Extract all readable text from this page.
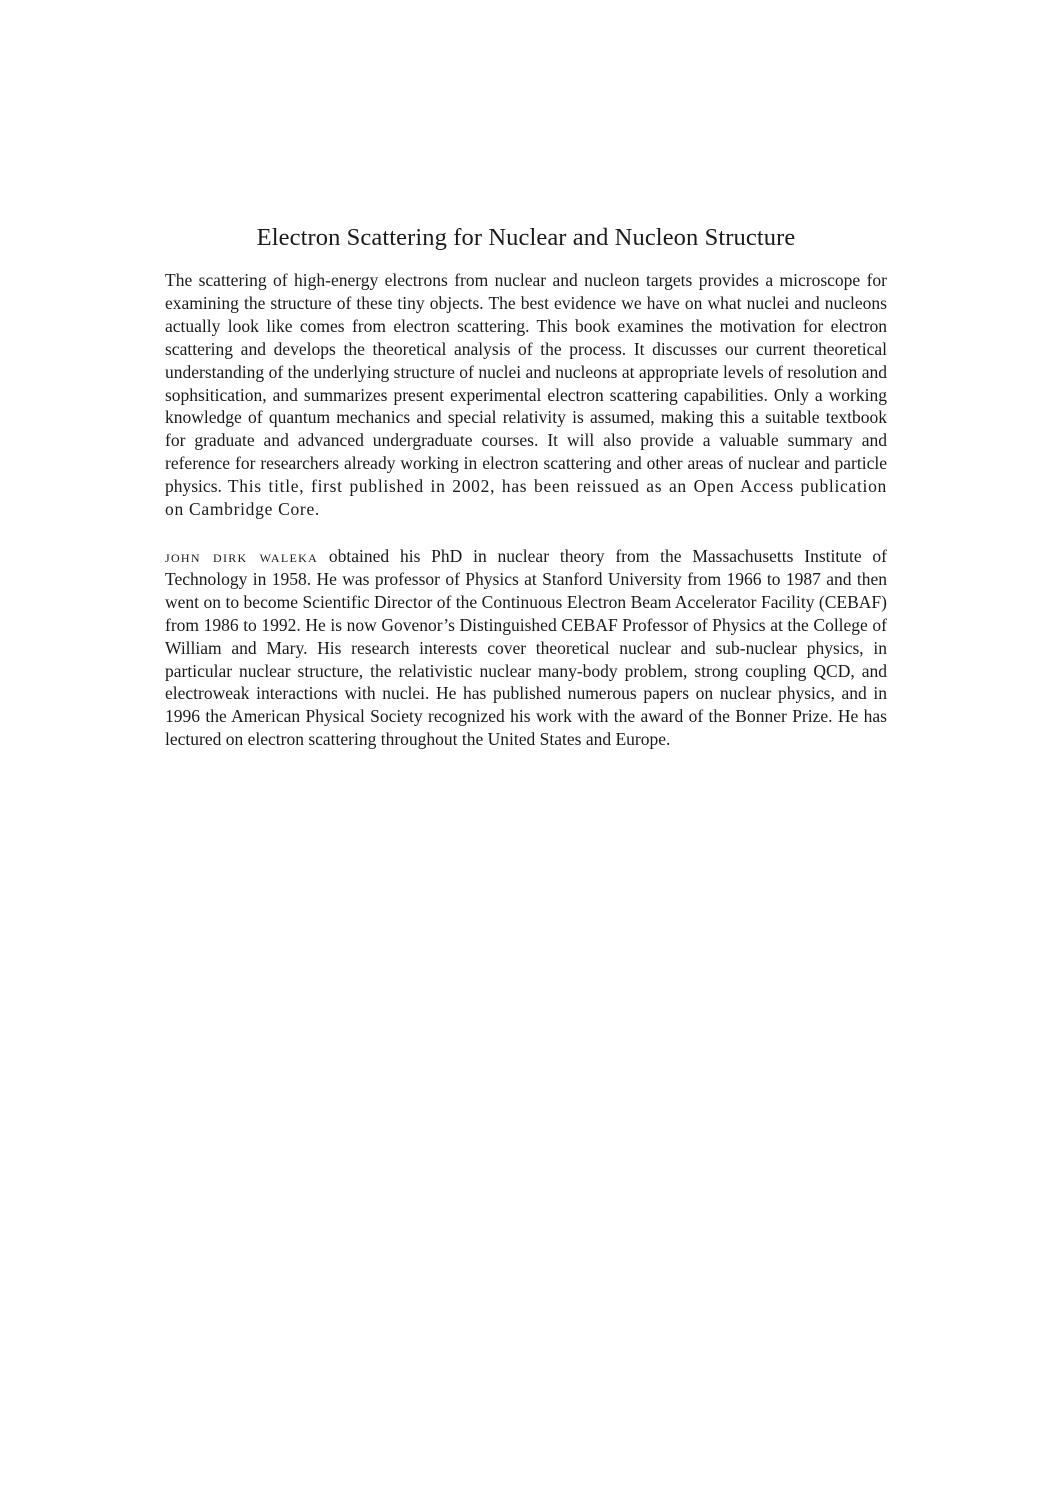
Electron Scattering for Nuclear and Nucleon Structure

The scattering of high-energy electrons from nuclear and nucleon targets provides a microscope for examining the structure of these tiny objects. The best evidence we have on what nuclei and nucleons actually look like comes from electron scattering. This book examines the motivation for electron scattering and develops the theoretical analysis of the process. It discusses our current theoretical understanding of the underlying structure of nuclei and nucleons at appropriate levels of resolution and sophsitication, and summarizes present experimental electron scattering capabilities. Only a working knowledge of quantum mechanics and special relativity is assumed, making this a suitable textbook for graduate and advanced undergraduate courses. It will also provide a valuable summary and reference for researchers already working in electron scattering and other areas of nuclear and particle physics. This title, first published in 2002, has been reissued as an Open Access publication on Cambridge Core.

john dirk waleka obtained his PhD in nuclear theory from the Massachusetts Institute of Technology in 1958. He was professor of Physics at Stanford University from 1966 to 1987 and then went on to become Scientific Director of the Continuous Electron Beam Accelerator Facility (CEBAF) from 1986 to 1992. He is now Govenor’s Distinguished CEBAF Professor of Physics at the College of William and Mary. His research interests cover theoretical nuclear and sub-nuclear physics, in particular nuclear structure, the relativistic nuclear many-body problem, strong coupling QCD, and electroweak interactions with nuclei. He has published numerous papers on nuclear physics, and in 1996 the American Physical Society recognized his work with the award of the Bonner Prize. He has lectured on electron scattering throughout the United States and Europe.
